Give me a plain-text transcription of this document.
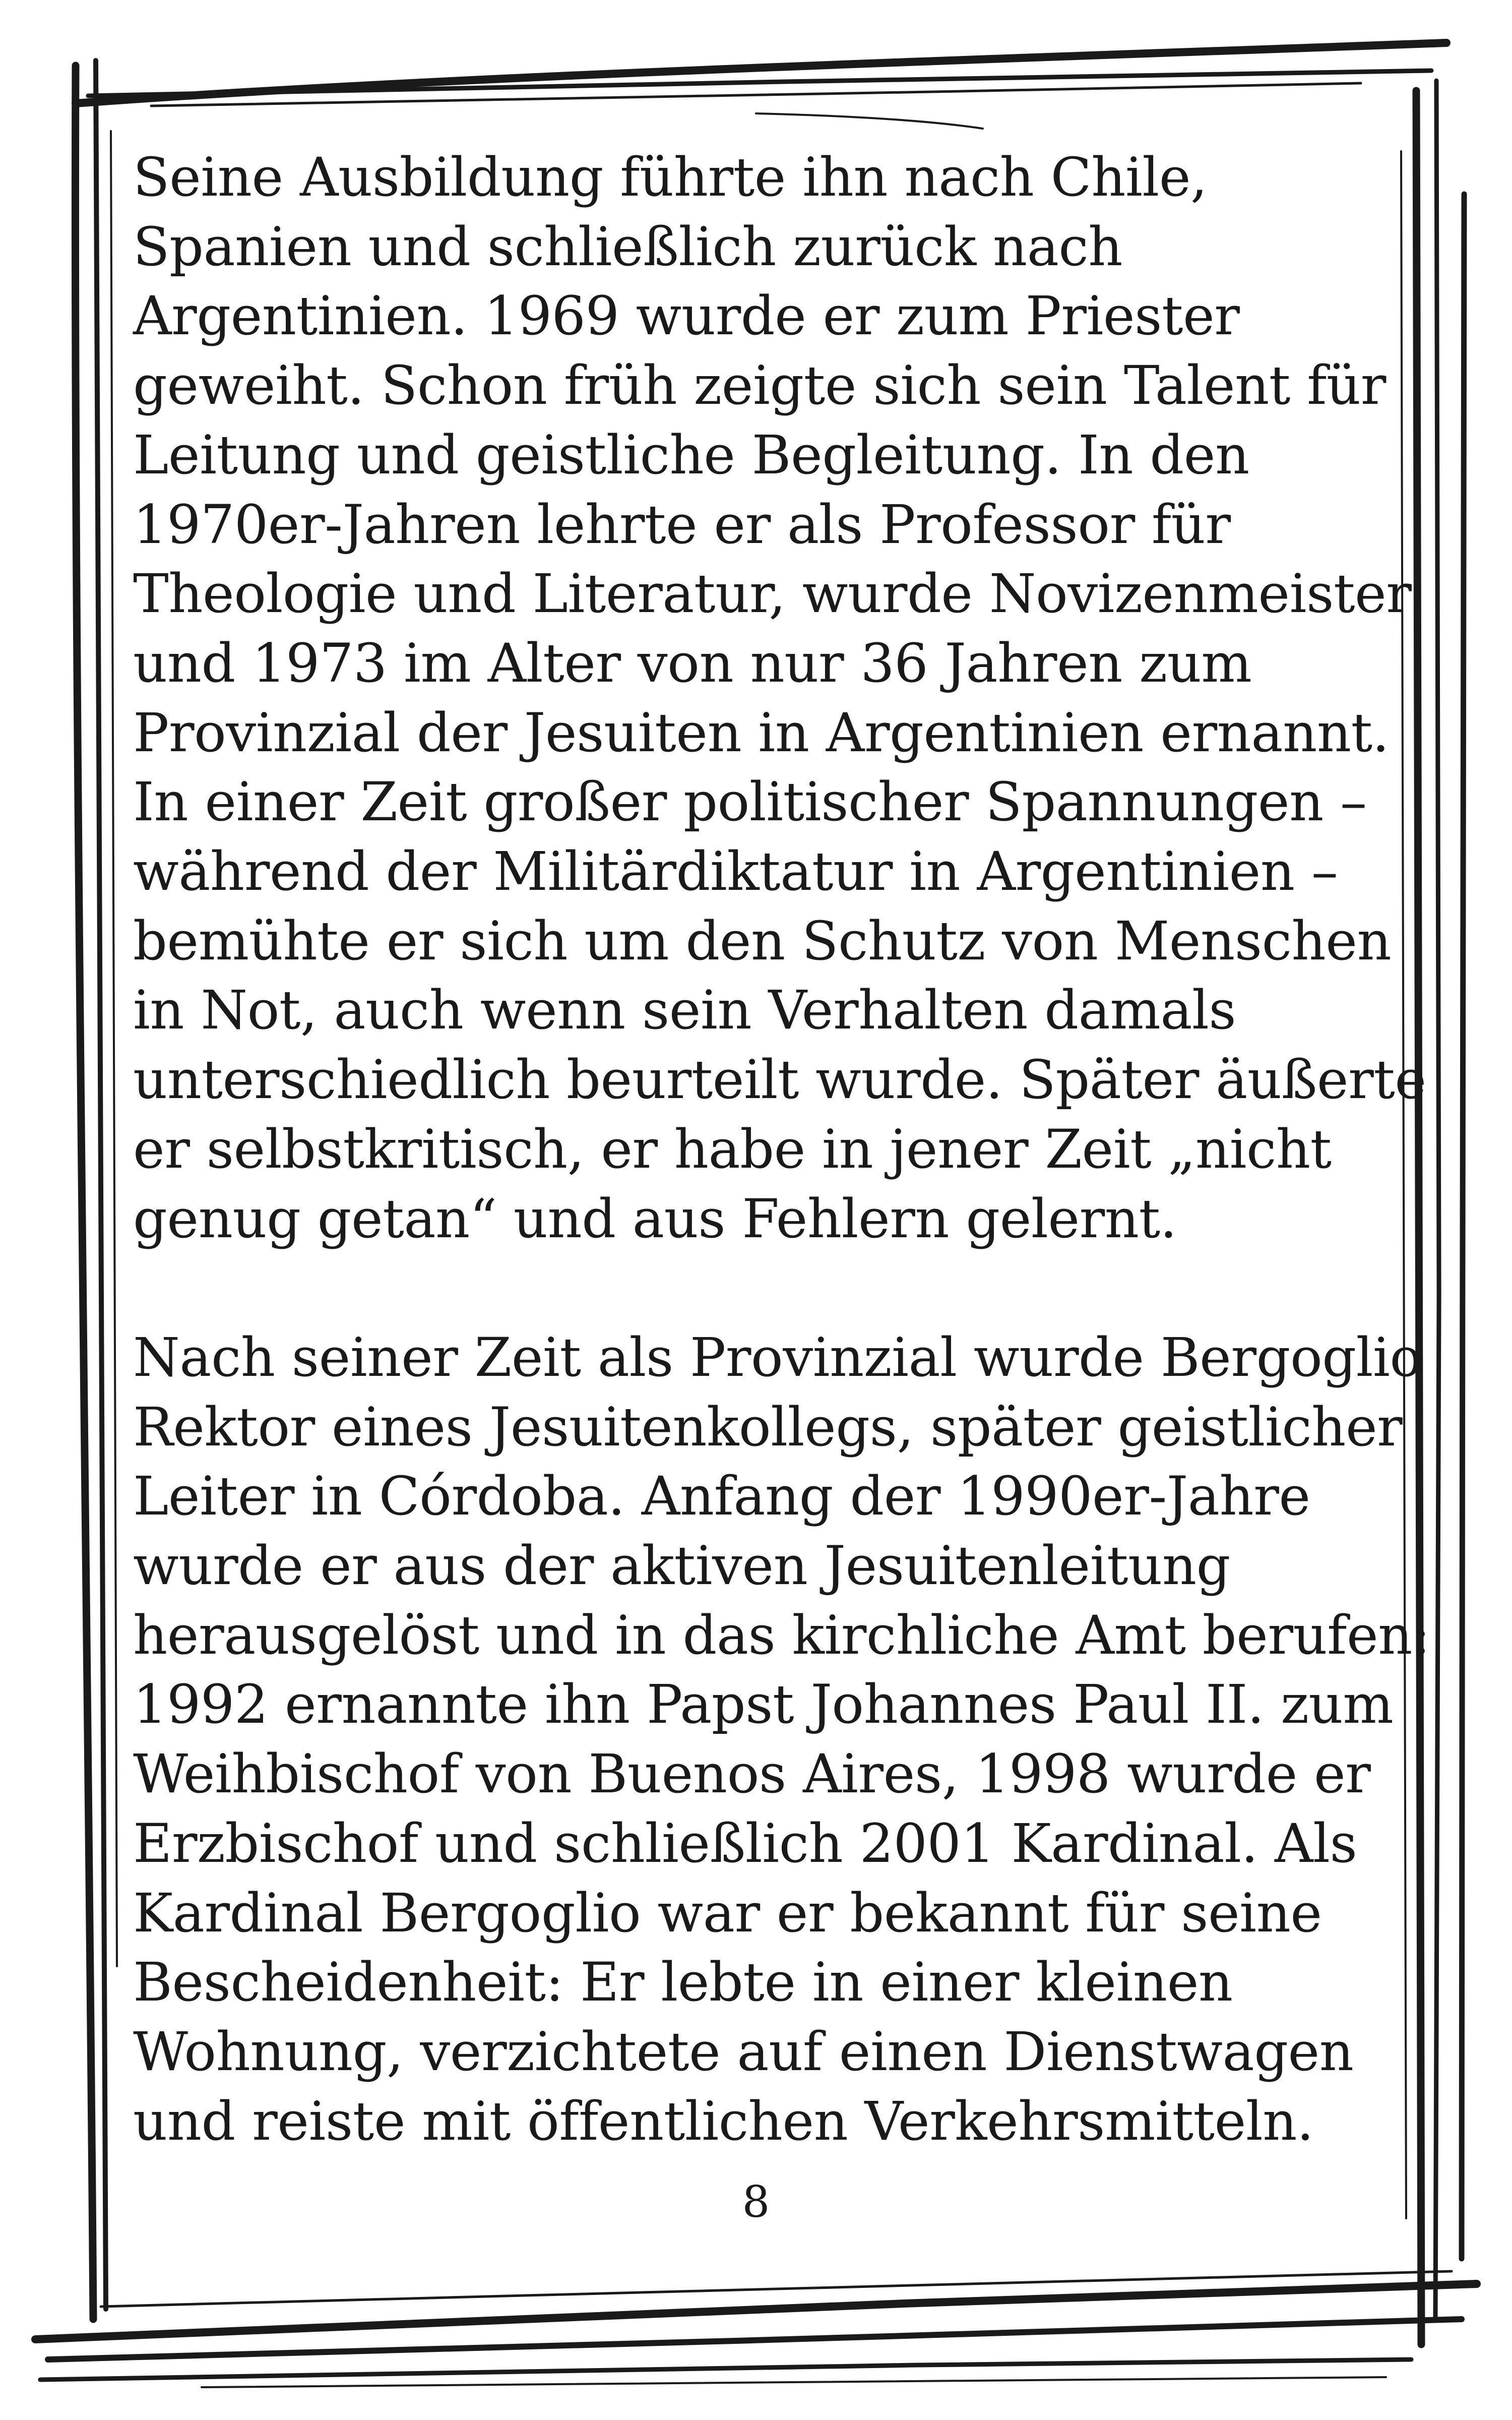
Seine Ausbildung führte ihn nach Chile,
Spanien und schließlich zurück nach
Argentinien. 1969 wurde er zum Priester
geweiht. Schon früh zeigte sich sein Talent für
Leitung und geistliche Begleitung. In den
1970er-Jahren lehrte er als Professor für
Theologie und Literatur, wurde Novizenmeister
und 1973 im Alter von nur 36 Jahren zum
Provinzial der Jesuiten in Argentinien ernannt.
In einer Zeit großer politischer Spannungen –
während der Militärdiktatur in Argentinien –
bemühte er sich um den Schutz von Menschen
in Not, auch wenn sein Verhalten damals
unterschiedlich beurteilt wurde. Später äußerte
er selbstkritisch, er habe in jener Zeit „nicht
genug getan“ und aus Fehlern gelernt.
Nach seiner Zeit als Provinzial wurde Bergoglio
Rektor eines Jesuitenkollegs, später geistlicher
Leiter in Córdoba. Anfang der 1990er-Jahre
wurde er aus der aktiven Jesuitenleitung
herausgelöst und in das kirchliche Amt berufen:
1992 ernannte ihn Papst Johannes Paul II. zum
Weihbischof von Buenos Aires, 1998 wurde er
Erzbischof und schließlich 2001 Kardinal. Als
Kardinal Bergoglio war er bekannt für seine
Bescheidenheit: Er lebte in einer kleinen
Wohnung, verzichtete auf einen Dienstwagen
und reiste mit öffentlichen Verkehrsmitteln.
8
